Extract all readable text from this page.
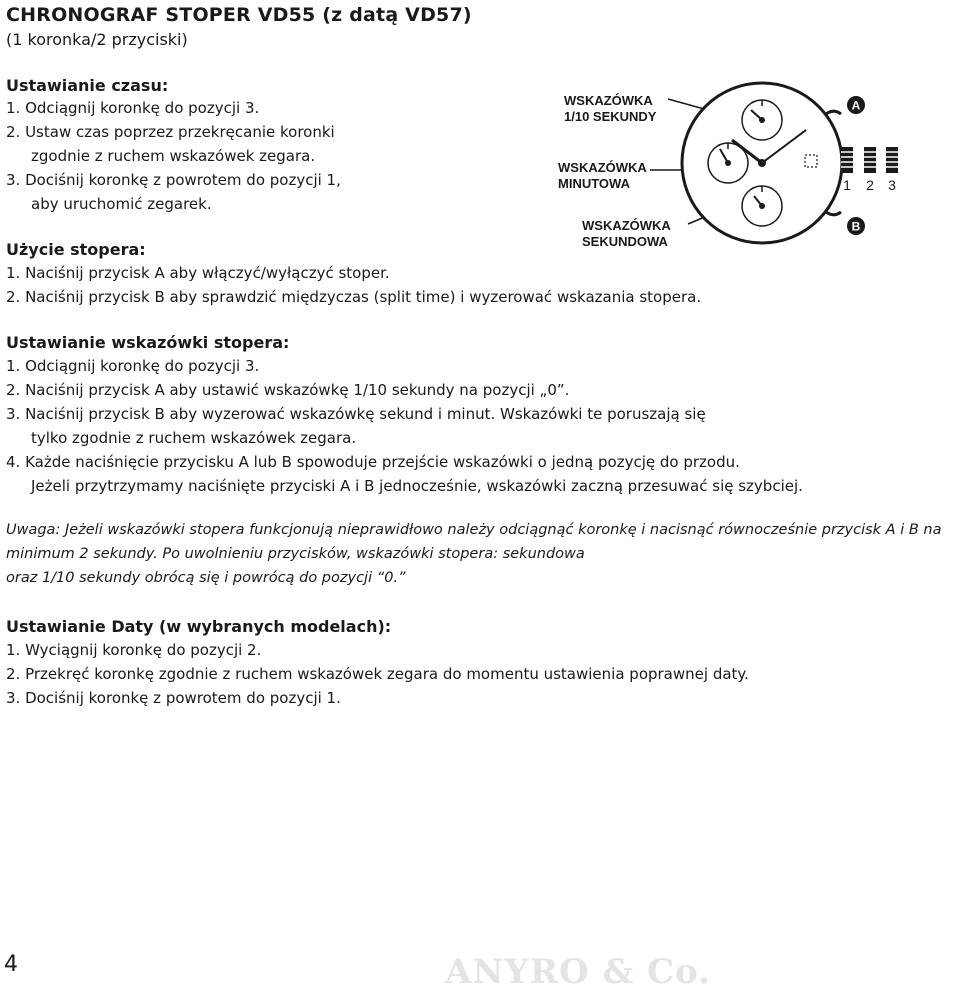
CHRONOGRAF STOPER VD55 (z datą VD57)
(1 koronka/2 przyciski)
Ustawianie czasu:
1. Odciągnij koronkę do pozycji 3.
2. Ustaw czas poprzez przekręcanie koronki
zgodnie z ruchem wskazówek zegara.
3. Dociśnij koronkę z powrotem do pozycji 1,
aby uruchomić zegarek.
Użycie stopera:
1. Naciśnij przycisk A aby włączyć/wyłączyć stoper.
2. Naciśnij przycisk B aby sprawdzić międzyczas (split time) i wyzerować wskazania stopera.
Ustawianie wskazówki stopera:
1. Odciągnij koronkę do pozycji 3.
2. Naciśnij przycisk A aby ustawić wskazówkę 1/10 sekundy na pozycji „0”.
3. Naciśnij przycisk B aby wyzerować wskazówkę sekund i minut. Wskazówki te poruszają się
tylko zgodnie z ruchem wskazówek zegara.
4. Każde naciśnięcie przycisku A lub B spowoduje przejście wskazówki o jedną pozycję do przodu.
Jeżeli przytrzymamy naciśnięte przyciski A i B jednocześnie, wskazówki zaczną przesuwać się szybciej.
Uwaga: Jeżeli wskazówki stopera funkcjonują nieprawidłowo należy odciągnąć koronkę i nacisnąć równocześnie przycisk A i B na
minimum 2 sekundy. Po uwolnieniu przycisków, wskazówki stopera: sekundowa
oraz 1/10 sekundy obrócą się i powrócą do pozycji “0.”
Ustawianie Daty (w wybranych modelach):
1. Wyciągnij koronkę do pozycji 2.
2. Przekręć koronkę zgodnie z ruchem wskazówek zegara do momentu ustawienia poprawnej daty.
3. Dociśnij koronkę z powrotem do pozycji 1.
WSKAZÓWKA
1/10 SEKUNDY
WSKAZÓWKA
MINUTOWA
WSKAZÓWKA
SEKUNDOWA
A
B
1 2 3
4	ANYRO & Co.
